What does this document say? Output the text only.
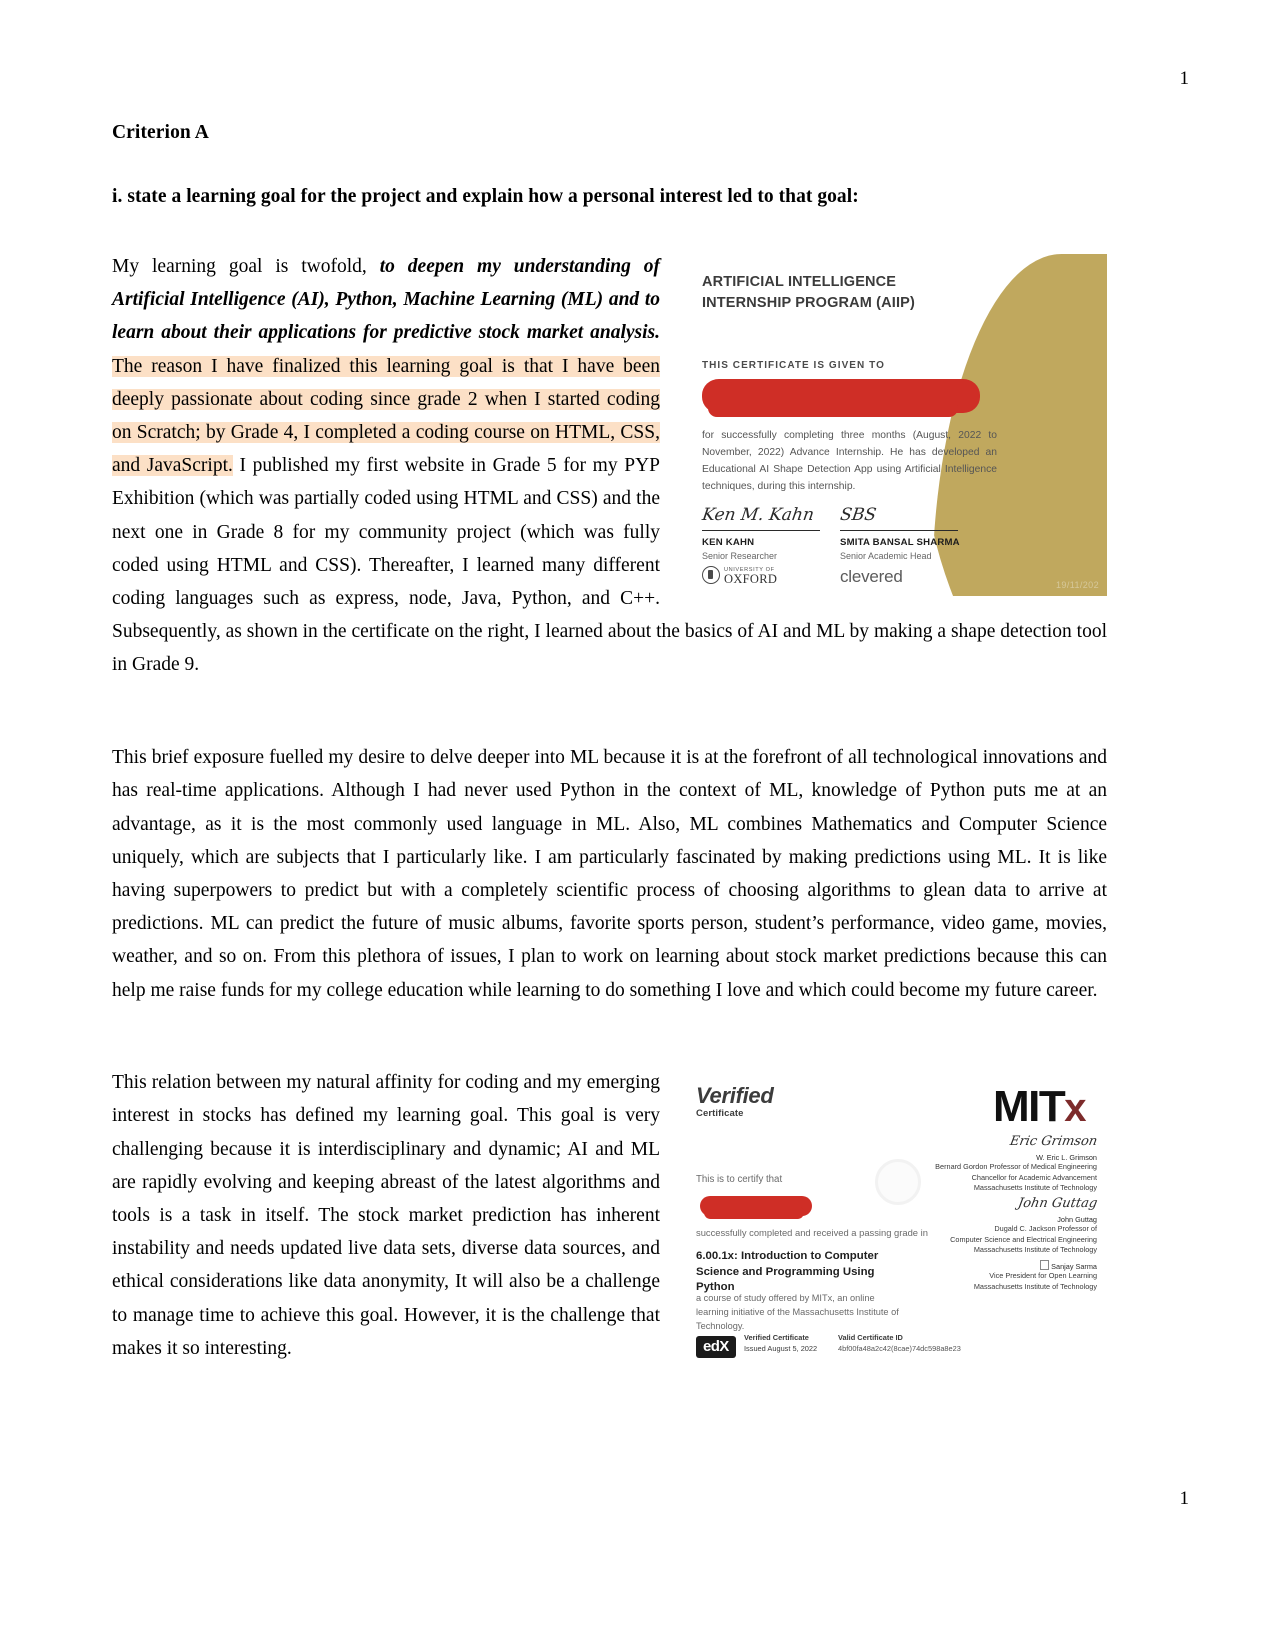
1
Criterion A
i. state a learning goal for the project and explain how a personal interest led to that goal:
ARTIFICIAL INTELLIGENCE
INTERNSHIP PROGRAM (AIIP)
THIS CERTIFICATE IS GIVEN TO
for successfully completing three months (August, 2022 to November, 2022) Advance Internship. He has developed an Educational AI Shape Detection App using Artificial Intelligence techniques, during this internship.
Ken M. Kahn
KEN KAHN
Senior Researcher
SBS
SMITA BANSAL SHARMA
Senior Academic Head
UNIVERSITY OF
OXFORD	clevered	19/11/202

My learning goal is twofold, to deepen my understanding of Artificial Intelligence (AI), Python, Machine Learning (ML) and to learn about their applications for predictive stock market analysis. The reason I have finalized this learning goal is that I have been deeply passionate about coding since grade 2 when I started coding on Scratch; by Grade 4, I completed a coding course on HTML, CSS, and JavaScript. I published my first website in Grade 5 for my PYP Exhibition (which was partially coded using HTML and CSS) and the next one in Grade 8 for my community project (which was fully coded using HTML and CSS). Thereafter, I learned many different coding languages such as express, node, Java, Python, and C++. Subsequently, as shown in the certificate on the right, I learned about the basics of AI and ML by making a shape detection tool in Grade 9.

This brief exposure fuelled my desire to delve deeper into ML because it is at the forefront of all technological innovations and has real-time applications. Although I had never used Python in the context of ML, knowledge of Python puts me at an advantage, as it is the most commonly used language in ML. Also, ML combines Mathematics and Computer Science uniquely, which are subjects that I particularly like. I am particularly fascinated by making predictions using ML. It is like having superpowers to predict but with a completely scientific process of choosing algorithms to glean data to arrive at predictions. ML can predict the future of music albums, favorite sports person, student’s performance, video game, movies, weather, and so on. From this plethora of issues, I plan to work on learning about stock market predictions because this can help me raise funds for my college education while learning to do something I love and which could become my future career.

Verified
Certificate	MITx
This is to certify that
successfully completed and received a passing grade in
6.00.1x: Introduction to Computer Science and Programming Using Python
a course of study offered by MITx, an online learning initiative of the Massachusetts Institute of Technology.
edX
Verified Certificate
Issued August 5, 2022
Valid Certificate ID
4bf00fa48a2c42(8cae)74dc598a8e23
Eric Grimson
W. Eric L. Grimson
Bernard Gordon Professor of Medical Engineering
Chancellor for Academic Advancement
Massachusetts Institute of Technology
John Guttag
John Guttag
Dugald C. Jackson Professor of
Computer Science and Electrical Engineering
Massachusetts Institute of Technology
Sanjay Sarma
Vice President for Open Learning
Massachusetts Institute of Technology

This relation between my natural affinity for coding and my emerging interest in stocks has defined my learning goal. This goal is very challenging because it is interdisciplinary and dynamic; AI and ML are rapidly evolving and keeping abreast of the latest algorithms and tools is a task in itself. The stock market prediction has inherent instability and needs updated live data sets, diverse data sources, and ethical considerations like data anonymity, It will also be a challenge to manage time to achieve this goal. However, it is the challenge that makes it so interesting.

1
